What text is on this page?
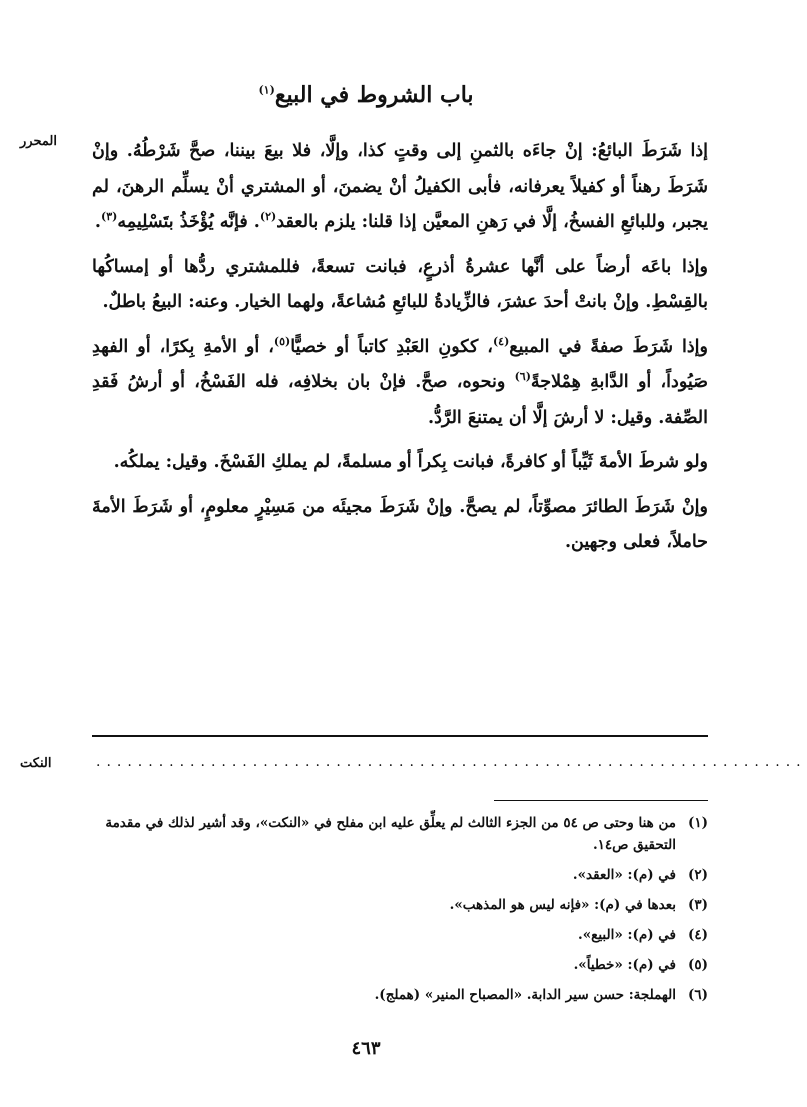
باب الشروط في البيع$^{(١)}$
المحرر	إذا شَرَطَ البائعُ: إنْ جاءَه بالثمنِ إلى وقتٍ كذا، وإلَّا، فلا بيعَ بيننا، صحَّ شَرْطُهُ. وإنْ شَرَطَ رهناً أو كفيلاً يعرفانه، فأبى الكفيلُ أنْ يضمنَ، أو المشتري أنْ يسلِّم الرهنَ، لم يجبر، وللبائعِ الفسخُ، إلَّا في رَهنِ المعيَّن إذا قلنا: يلزم بالعقد$^{(٢)}$. فإنَّه يُؤْخَذُ بتَسْلِيمِه$^{(٣)}$.

وإذا باعَه أرضاً على أنَّها عشرةُ أذرعٍ، فبانت تسعةً، فللمشتري ردُّها أو إمساكُها بالقِسْطِ. وإنْ بانتْ أحدَ عشرَ، فالزِّيادةُ للبائعِ مُشاعةً، ولهما الخيار. وعنه: البيعُ باطلٌ.

وإذا شَرَطَ صفةً في المبيع$^{(٤)}$، ككونِ العَبْدِ كاتباً أو خصيًّا$^{(٥)}$، أو الأمةِ بِكرًا، أو الفهدِ صَيُوداً، أو الدَّابةِ هِمْلاجةً$^{(٦)}$ ونحوه، صحَّ. فإنْ بان بخلافِه، فله الفَسْخُ، أو أرشُ فَقدِ الصِّفة. وقيل: لا أرشَ إلَّا أن يمتنعَ الرَّدُّ.

ولو شرطَ الأمةَ ثَيِّباً أو كافرةً، فبانت بِكراً أو مسلمةً، لم يملكِ الفَسْخَ. وقيل: يملكُه.

وإنْ شَرَطَ الطائرَ مصوِّتاً، لم يصحَّ. وإنْ شَرَطَ مجيئَه من مَسِيْرٍ معلومٍ، أو شَرَطَ الأمةَ حاملاً، فعلى وجهين.

النكت	....................................................................
(١)
من هنا وحتى ص ٥٤ من الجزء الثالث لم يعلِّق عليه ابن مفلح في «النكت»، وقد أشير لذلك في مقدمة التحقيق ص١٤.
(٢)
في (م): «العقد».
(٣)
بعدها في (م): «فإنه ليس هو المذهب».
(٤)
في (م): «البيع».
(٥)
في (م): «خطياً».
(٦)
الهملجة: حسن سير الدابة. «المصباح المنير» (هملج).
٤٦٣
